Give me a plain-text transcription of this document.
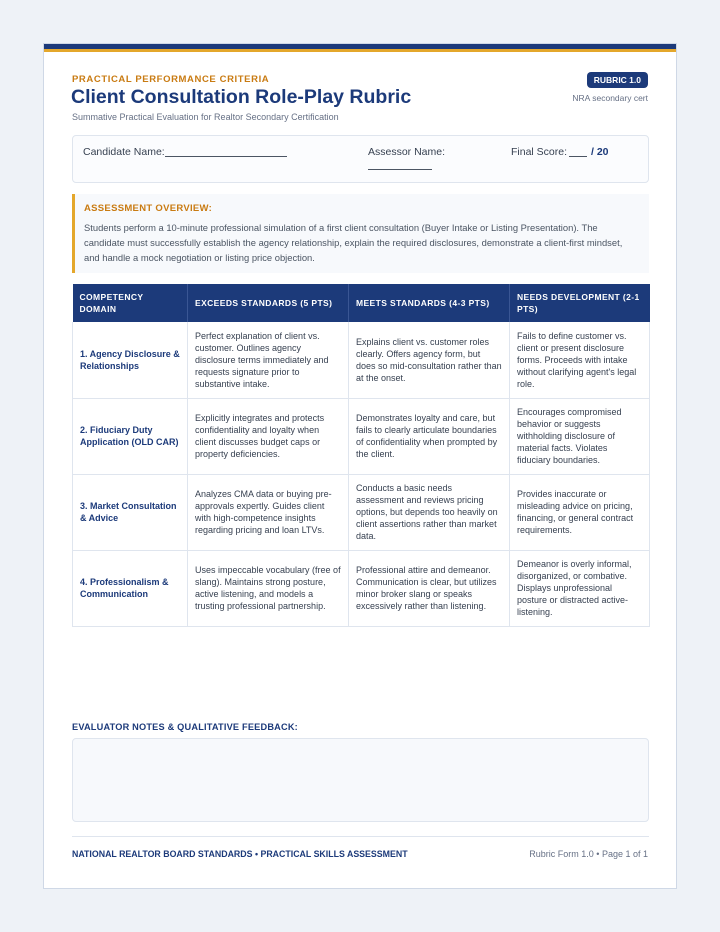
PRACTICAL PERFORMANCE CRITERIA
Client Consultation Role-Play Rubric
Summative Practical Evaluation for Realtor Secondary Certification
RUBRIC 1.0
NRA secondary cert
Candidate Name:	Assessor Name:	Final Score: / 20
ASSESSMENT OVERVIEW:
Students perform a 10-minute professional simulation of a first client consultation (Buyer Intake or Listing Presentation). The candidate must successfully establish the agency relationship, explain the required disclosures, demonstrate a client-first mindset, and handle a mock negotiation or listing price objection.
COMPETENCY DOMAIN	EXCEEDS STANDARDS (5 PTS)	MEETS STANDARDS (4-3 PTS)	NEEDS DEVELOPMENT (2-1 PTS)
1. Agency Disclosure & Relationships	Perfect explanation of client vs. customer. Outlines agency disclosure terms immediately and requests signature prior to substantive intake.	Explains client vs. customer roles clearly. Offers agency form, but does so mid-consultation rather than at the onset.	Fails to define customer vs. client or present disclosure forms. Proceeds with intake without clarifying agent's legal role.
2. Fiduciary Duty Application (OLD CAR)	Explicitly integrates and protects confidentiality and loyalty when client discusses budget caps or property deficiencies.	Demonstrates loyalty and care, but fails to clearly articulate boundaries of confidentiality when prompted by the client.	Encourages compromised behavior or suggests withholding disclosure of material facts. Violates fiduciary boundaries.
3. Market Consultation & Advice	Analyzes CMA data or buying pre-approvals expertly. Guides client with high-competence insights regarding pricing and loan LTVs.	Conducts a basic needs assessment and reviews pricing options, but depends too heavily on client assertions rather than market data.	Provides inaccurate or misleading advice on pricing, financing, or general contract requirements.
4. Professionalism & Communication	Uses impeccable vocabulary (free of slang). Maintains strong posture, active listening, and models a trusting professional partnership.	Professional attire and demeanor. Communication is clear, but utilizes minor broker slang or speaks excessively rather than listening.	Demeanor is overly informal, disorganized, or combative. Displays unprofessional posture or distracted active-listening.
EVALUATOR NOTES & QUALITATIVE FEEDBACK:
NATIONAL REALTOR BOARD STANDARDS • PRACTICAL SKILLS ASSESSMENT	Rubric Form 1.0 • Page 1 of 1
